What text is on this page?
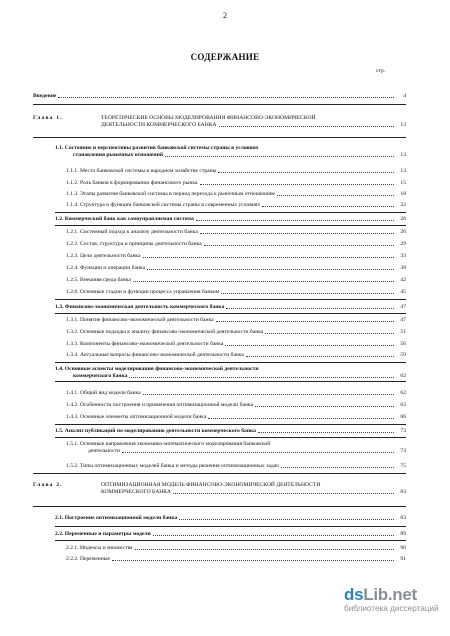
2
СОДЕРЖАНИЕ
стр.
Введение	4
Глава 1.	ТЕОРЕТИЧЕСКИЕ ОСНОВЫ МОДЕЛИРОВАНИЯ ФИНАНСОВО-ЭКОНОМИЧЕСКОЙ
ДЕЯТЕЛЬНОСТИ КОММЕРЧЕСКОГО БАНКА	13
1.1. Состояние и перспективы развития банковской системы страны в условиях
становления рыночных отношений	13
1.1.1. Место банковской системы в народном хозяйстве страны	13
1.1.2. Роль банков в формировании финансового рынка	15
1.1.3. Этапы развития банковской системы в период перехода к рыночным отношениям	18
1.1.4. Структура и функции банковской системы страны в современных условиях	22
1.2. Коммерческий банк как самоуправляемая система	26
1.2.1. Системный подход к анализу деятельности банка	26
1.2.2. Состав, структура и принципы деятельности банка	29
1.2.3. Цели деятельности банка	33
1.2.4. Функции и операции банка	38
1.2.5. Внешняя среда банка	42
1.2.6. Основные стадии и функции процесса управления банком	45
1.3. Финансово-экономическая деятельность коммерческого банка	47
1.3.1. Понятие финансово-экономической деятельности банка	47
1.3.2. Основные подходы к анализу финансово-экономической деятельности банка	51
1.3.3. Компоненты финансово-экономической деятельности банка	56
1.3.4. Актуальные вопросы финансово-экономической деятельности банка	59
1.4. Основные аспекты моделирования финансово-экономической деятельности
коммерческого банка	62
1.4.1. Общий вид модели банка	62
1.4.2. Особенности построения и применения оптимизационной модели банка	63
1.4.3. Основные элементы оптимизационной модели банка	66
1.5. Анализ публикаций по моделированию деятельности коммерческого банка	73
1.5.1. Основные направления экономико-математического моделирования банковской
деятельности	73
1.5.2. Типы оптимизационных моделей банка и методы решения оптимизационных задач	75
Глава 2.	ОПТИМИЗАЦИОННАЯ МОДЕЛЬ ФИНАНСОВО-ЭКОНОМИЧЕСКОЙ ДЕЯТЕЛЬНОСТИ
КОММЕРЧЕСКОГО БАНКА	83
2.1. Построение оптимизационной модели банка	83
2.2. Переменные и параметры модели	89
2.2.1. Индексы и множества	90
2.2.2. Переменные	91
dsLib.net
библиотека диссертаций
